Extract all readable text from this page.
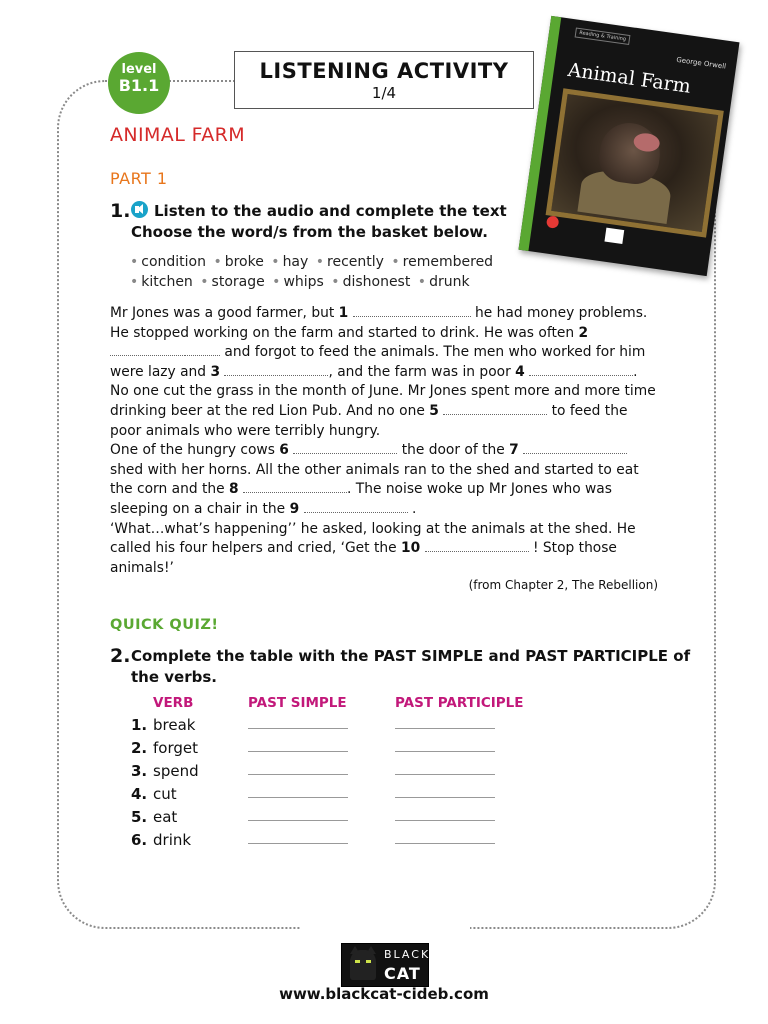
level
B1.1
LISTENING ACTIVITY
1/4
Reading & Training
George Orwell
Animal Farm
ANIMAL FARM
PART 1
1.	Listen to the audio and complete the text
Choose the word/s from the basket below.
• condition • broke • hay • recently • remembered
• kitchen • storage • whips • dishonest • drunk
Mr Jones was a good farmer, but 1	he had money problems. He stopped working on the farm and started to drink. He was often 2  and forgot to feed the animals. The men who worked for him were lazy and 3	, and the farm was in poor 4	. No one cut the grass in the month of June. Mr Jones spent more and more time drinking beer at the red Lion Pub. And no one 5	to feed the poor animals who were terribly hungry.
One of the hungry cows 6	the door of the 7  shed with her horns. All the other animals ran to the shed and started to eat the corn and the 8	. The noise woke up Mr Jones who was sleeping on a chair in the 9	.
‘What…what’s happening’’ he asked, looking at the animals at the shed. He called his four helpers and cried, ‘Get the 10	! Stop those animals!’
(from Chapter 2, The Rebellion)
QUICK QUIZ!
2. Complete the table with the PAST SIMPLE and PAST PARTICIPLE of
the verbs.
VERB	PAST SIMPLE	PAST PARTICIPLE
1. break
2. forget
3. spend
4. cut
5. eat
6. drink
BLACK
CAT
www.blackcat-cideb.com
